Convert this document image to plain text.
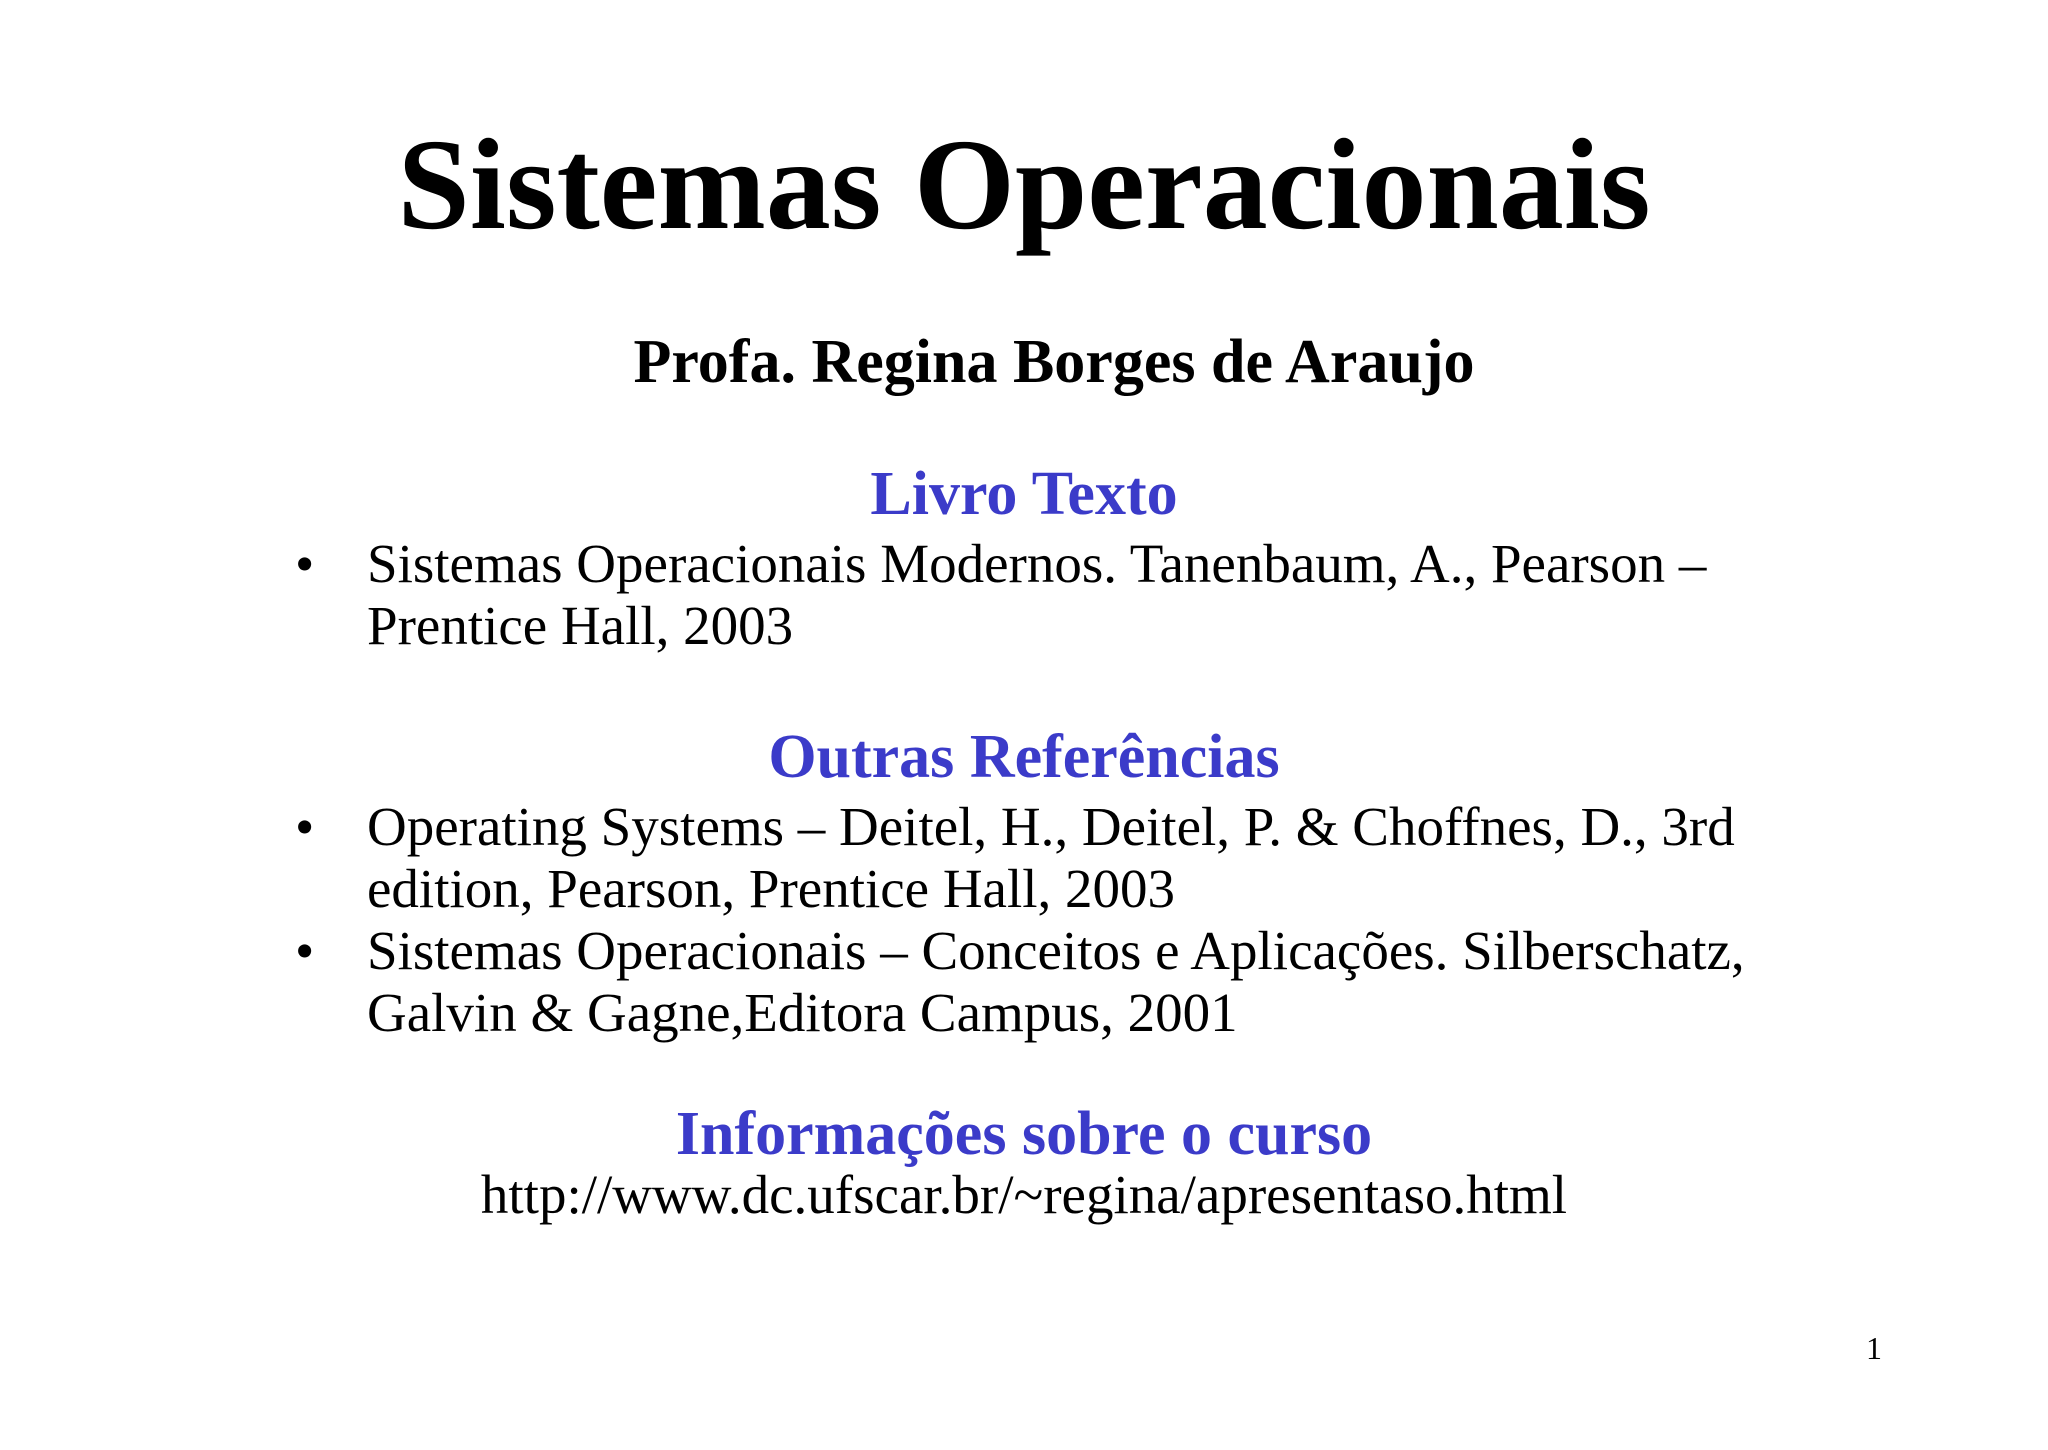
Sistemas Operacionais
Profa. Regina Borges de Araujo
Livro Texto
• Sistemas Operacionais Modernos. Tanenbaum, A., Pearson – Prentice Hall, 2003
Outras Referências
• Operating Systems – Deitel, H., Deitel, P. & Choffnes, D., 3rd edition, Pearson, Prentice Hall, 2003
• Sistemas Operacionais – Conceitos e Aplicações. Silberschatz, Galvin & Gagne,Editora Campus, 2001
Informações sobre o curso
http://www.dc.ufscar.br/~regina/apresentaso.html
1
